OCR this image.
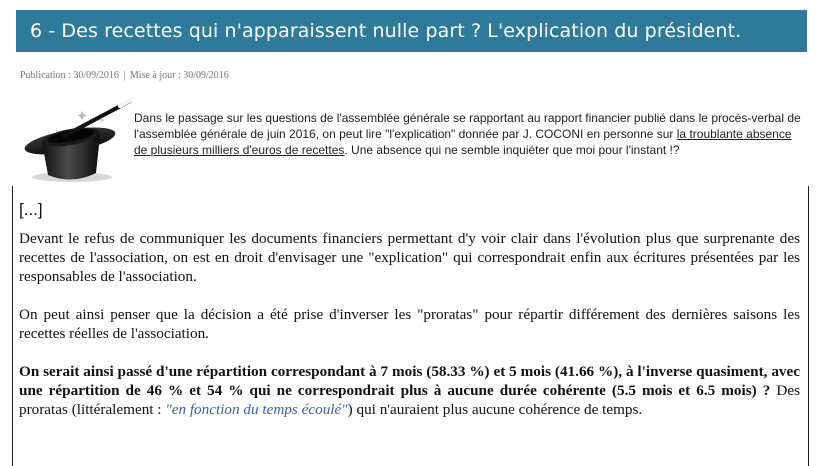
6 - Des recettes qui n'apparaissent nulle part ? L'explication du président.
Publication : 30/09/2016 | Mise à jour : 30/09/2016
Dans le passage sur les questions de l'assemblée générale se rapportant au rapport financier publié dans le procès-verbal de l'assemblée générale de juin 2016, on peut lire "l'explication" donnée par J. COCONI en personne sur la troublante absence de plusieurs milliers d'euros de recettes. Une absence qui ne semble inquiéter que moi pour l'instant !?

[...]

Devant le refus de communiquer les documents financiers permettant d'y voir clair dans l'évolution plus que surprenante des recettes de l'association, on est en droit d'envisager une "explication" qui correspondrait enfin aux écritures présentées par les responsables de l'association.

On peut ainsi penser que la décision a été prise d'inverser les "proratas" pour répartir différement des dernières saisons les recettes réelles de l'association.

On serait ainsi passé d'une répartition correspondant à 7 mois (58.33 %) et 5 mois (41.66 %), à l'inverse quasiment, avec une répartition de 46 % et 54 % qui ne correspondrait plus à aucune durée cohérente (5.5 mois et 6.5 mois) ? Des proratas (littéralement : "en fonction du temps écoulé") qui n'auraient plus aucune cohérence de temps.
